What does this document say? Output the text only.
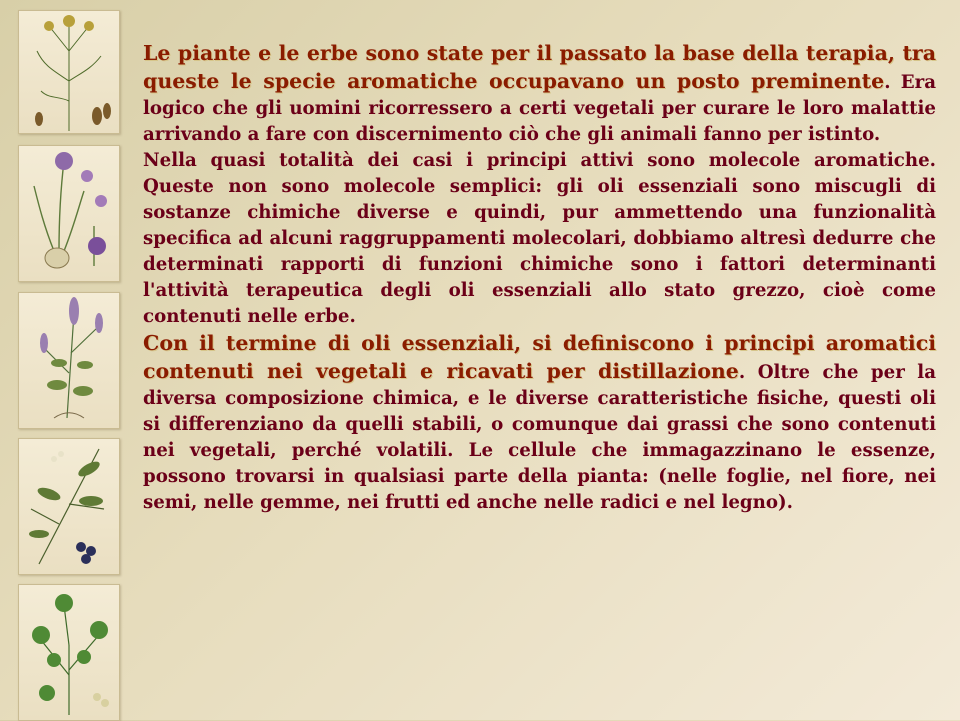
Le piante e le erbe sono state per il passato la base della terapia, tra queste le specie aromatiche occupavano un posto preminente. Era logico che gli uomini ricorressero a certi vegetali per curare le loro malattie arrivando a fare con discernimento ciò che gli animali fanno per istinto.

Nella quasi totalità dei casi i principi attivi sono molecole aromatiche. Queste non sono molecole semplici: gli oli essenziali sono miscugli di sostanze chimiche diverse e quindi, pur ammettendo una funzionalità specifica ad alcuni raggruppamenti molecolari, dobbiamo altresì dedurre che determinati rapporti di funzioni chimiche sono i fattori determinanti l'attività terapeutica degli oli essenziali allo stato grezzo, cioè come contenuti nelle erbe.

Con il termine di oli essenziali, si definiscono i principi aromatici contenuti nei vegetali e ricavati per distillazione. Oltre che per la diversa composizione chimica, e le diverse caratteristiche fisiche, questi oli si differenziano da quelli stabili, o comunque dai grassi che sono contenuti nei vegetali, perché volatili. Le cellule che immagazzinano le essenze, possono trovarsi in qualsiasi parte della pianta: (nelle foglie, nel fiore, nei semi, nelle gemme, nei frutti ed anche nelle radici e nel legno).
